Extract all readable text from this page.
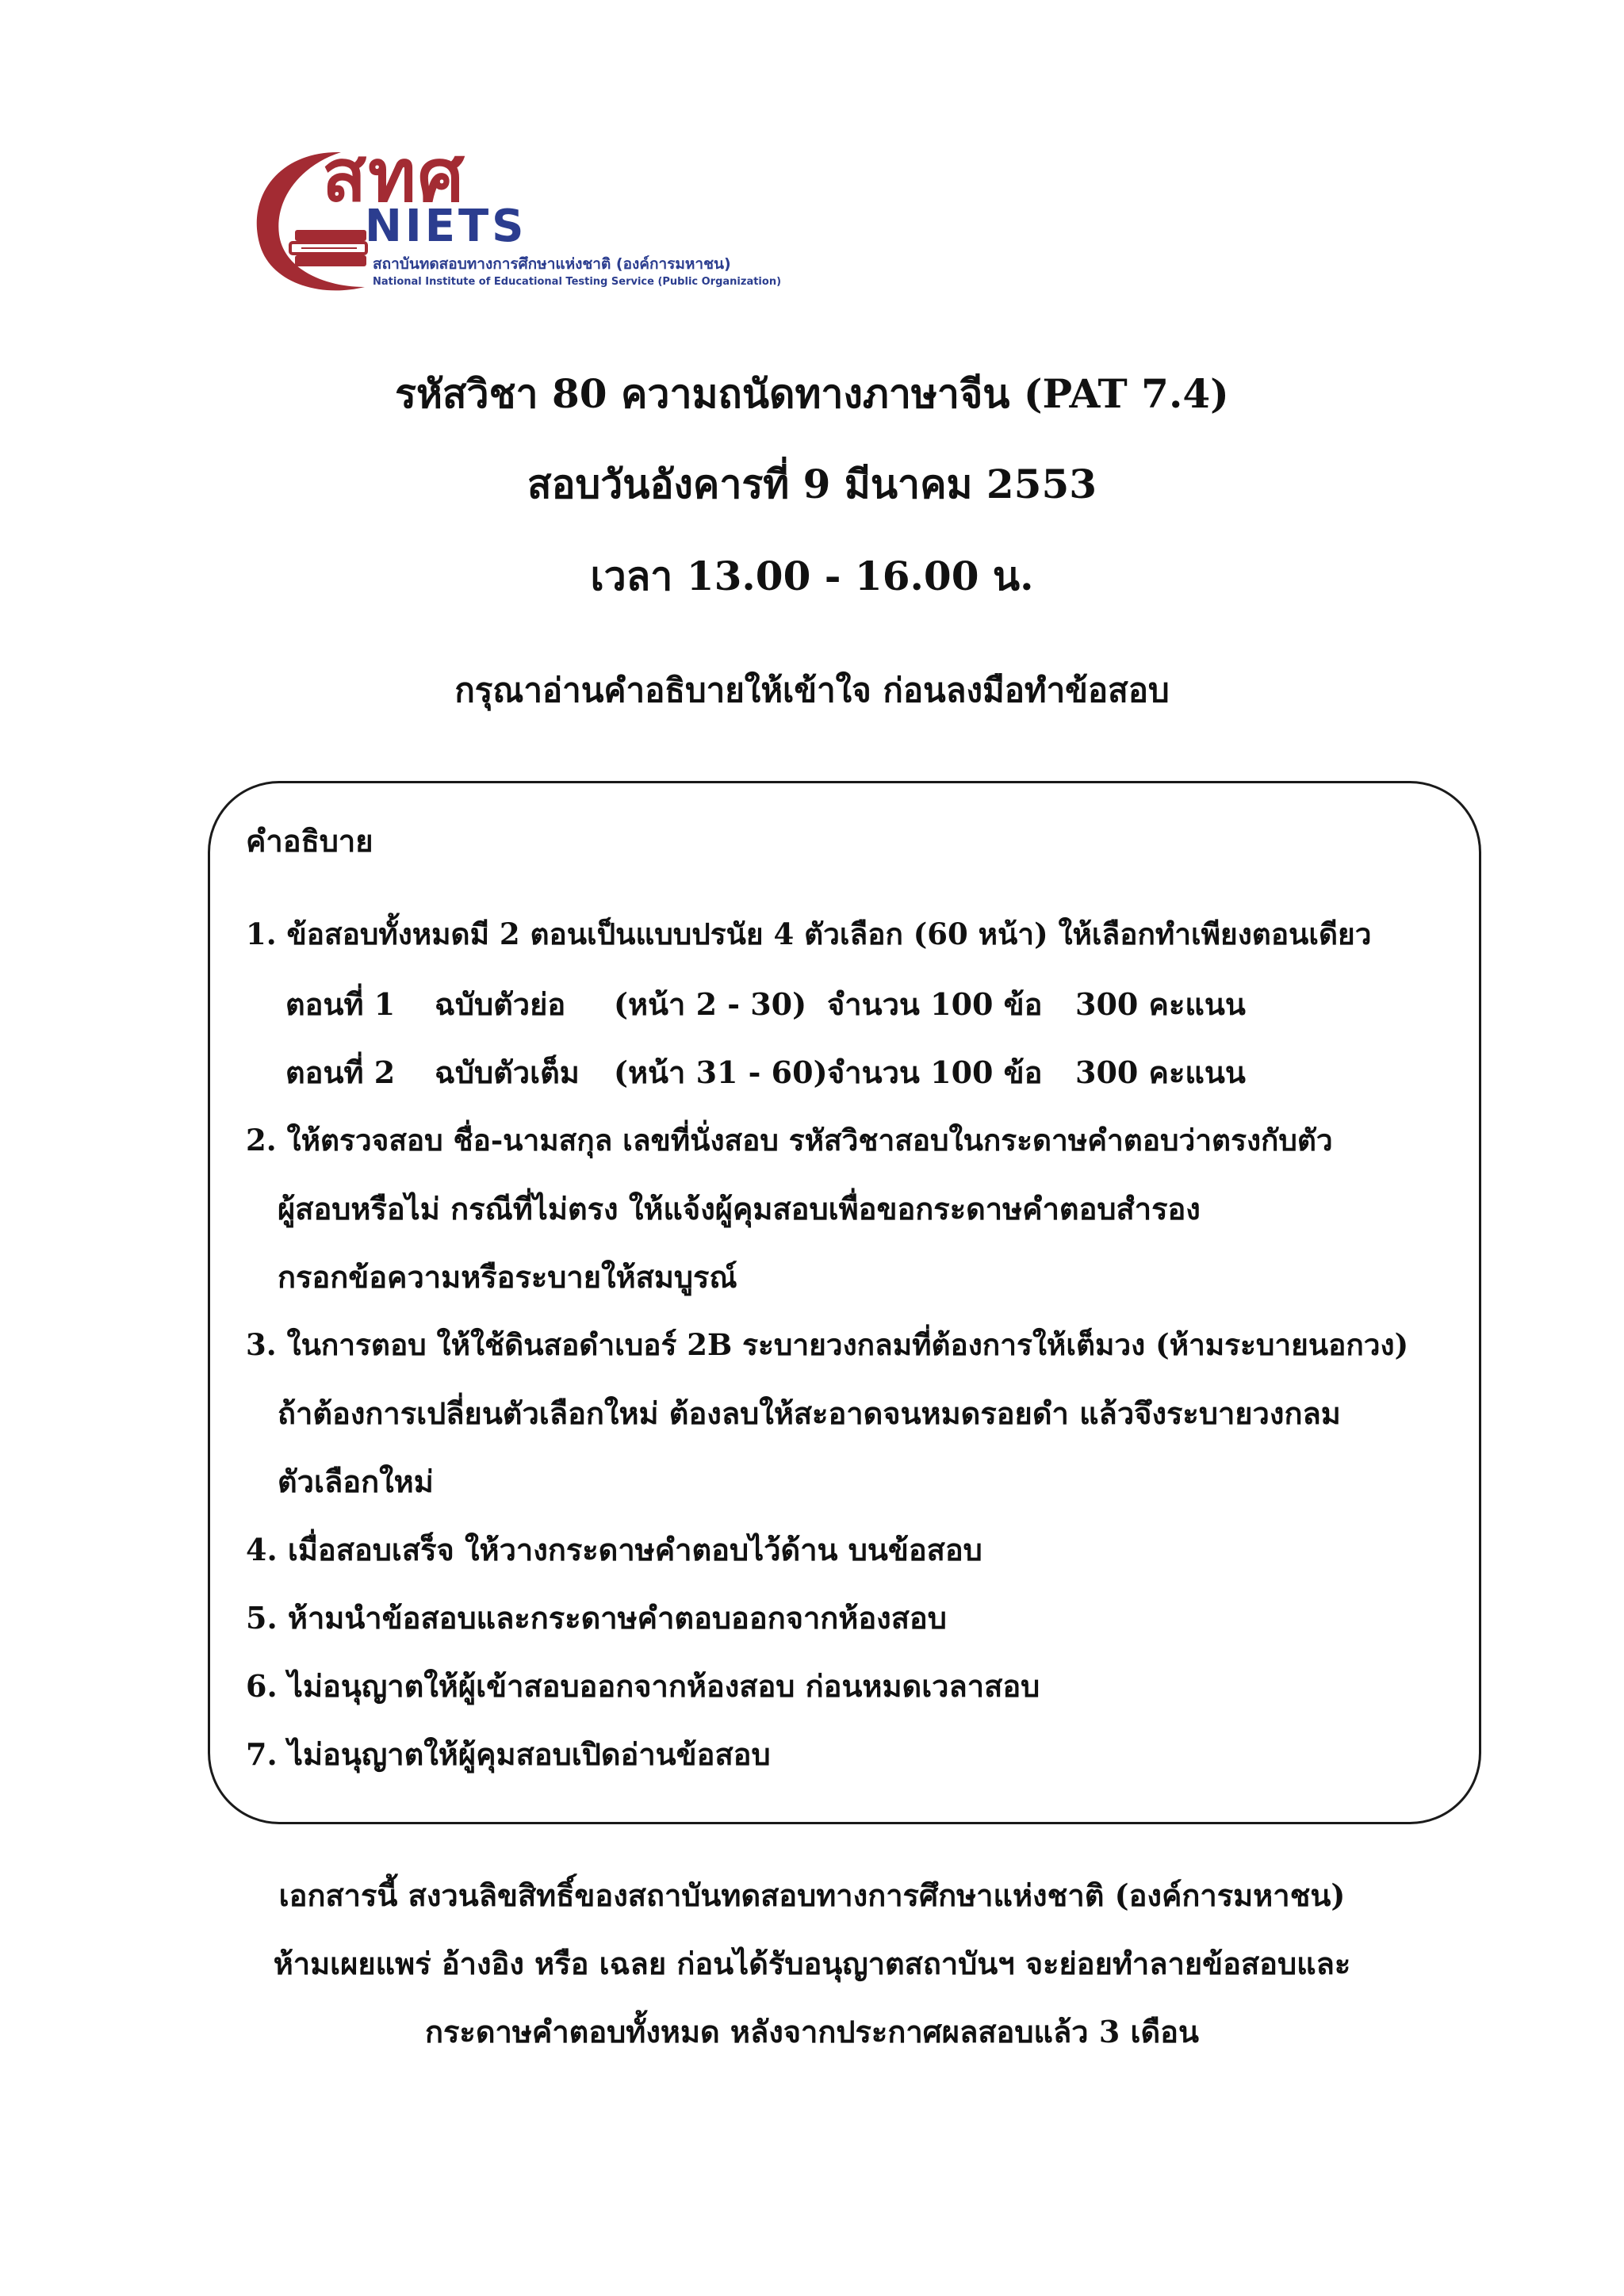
สทศ
NIETS
สถาบันทดสอบทางการศึกษาแห่งชาติ (องค์การมหาชน)
National Institute of Educational Testing Service (Public Organization)
รหัสวิชา 80 ความถนัดทางภาษาจีน (PAT 7.4)
สอบวันอังคารที่ 9 มีนาคม 2553
เวลา 13.00 - 16.00 น.
กรุณาอ่านคำอธิบายให้เข้าใจ ก่อนลงมือทำข้อสอบ
คำอธิบาย
1. ข้อสอบทั้งหมดมี 2 ตอนเป็นแบบปรนัย 4 ตัวเลือก (60 หน้า) ให้เลือกทำเพียงตอนเดียว
ตอนที่ 1 ฉบับตัวย่อ (หน้า 2 - 30) จำนวน 100 ข้อ 300 คะแนน
ตอนที่ 2 ฉบับตัวเต็ม (หน้า 31 - 60) จำนวน 100 ข้อ 300 คะแนน
2. ให้ตรวจสอบ ชื่อ-นามสกุล เลขที่นั่งสอบ รหัสวิชาสอบในกระดาษคำตอบว่าตรงกับตัว
ผู้สอบหรือไม่ กรณีที่ไม่ตรง ให้แจ้งผู้คุมสอบเพื่อขอกระดาษคำตอบสำรอง
กรอกข้อความหรือระบายให้สมบูรณ์
3. ในการตอบ ให้ใช้ดินสอดำเบอร์ 2B ระบายวงกลมที่ต้องการให้เต็มวง (ห้ามระบายนอกวง)
ถ้าต้องการเปลี่ยนตัวเลือกใหม่ ต้องลบให้สะอาดจนหมดรอยดำ แล้วจึงระบายวงกลม
ตัวเลือกใหม่
4. เมื่อสอบเสร็จ ให้วางกระดาษคำตอบไว้ด้าน บนข้อสอบ
5. ห้ามนำข้อสอบและกระดาษคำตอบออกจากห้องสอบ
6. ไม่อนุญาตให้ผู้เข้าสอบออกจากห้องสอบ ก่อนหมดเวลาสอบ
7. ไม่อนุญาตให้ผู้คุมสอบเปิดอ่านข้อสอบ
เอกสารนี้ สงวนลิขสิทธิ์ของสถาบันทดสอบทางการศึกษาแห่งชาติ (องค์การมหาชน)
ห้ามเผยแพร่ อ้างอิง หรือ เฉลย ก่อนได้รับอนุญาตสถาบันฯ จะย่อยทำลายข้อสอบและ
กระดาษคำตอบทั้งหมด หลังจากประกาศผลสอบแล้ว 3 เดือน
